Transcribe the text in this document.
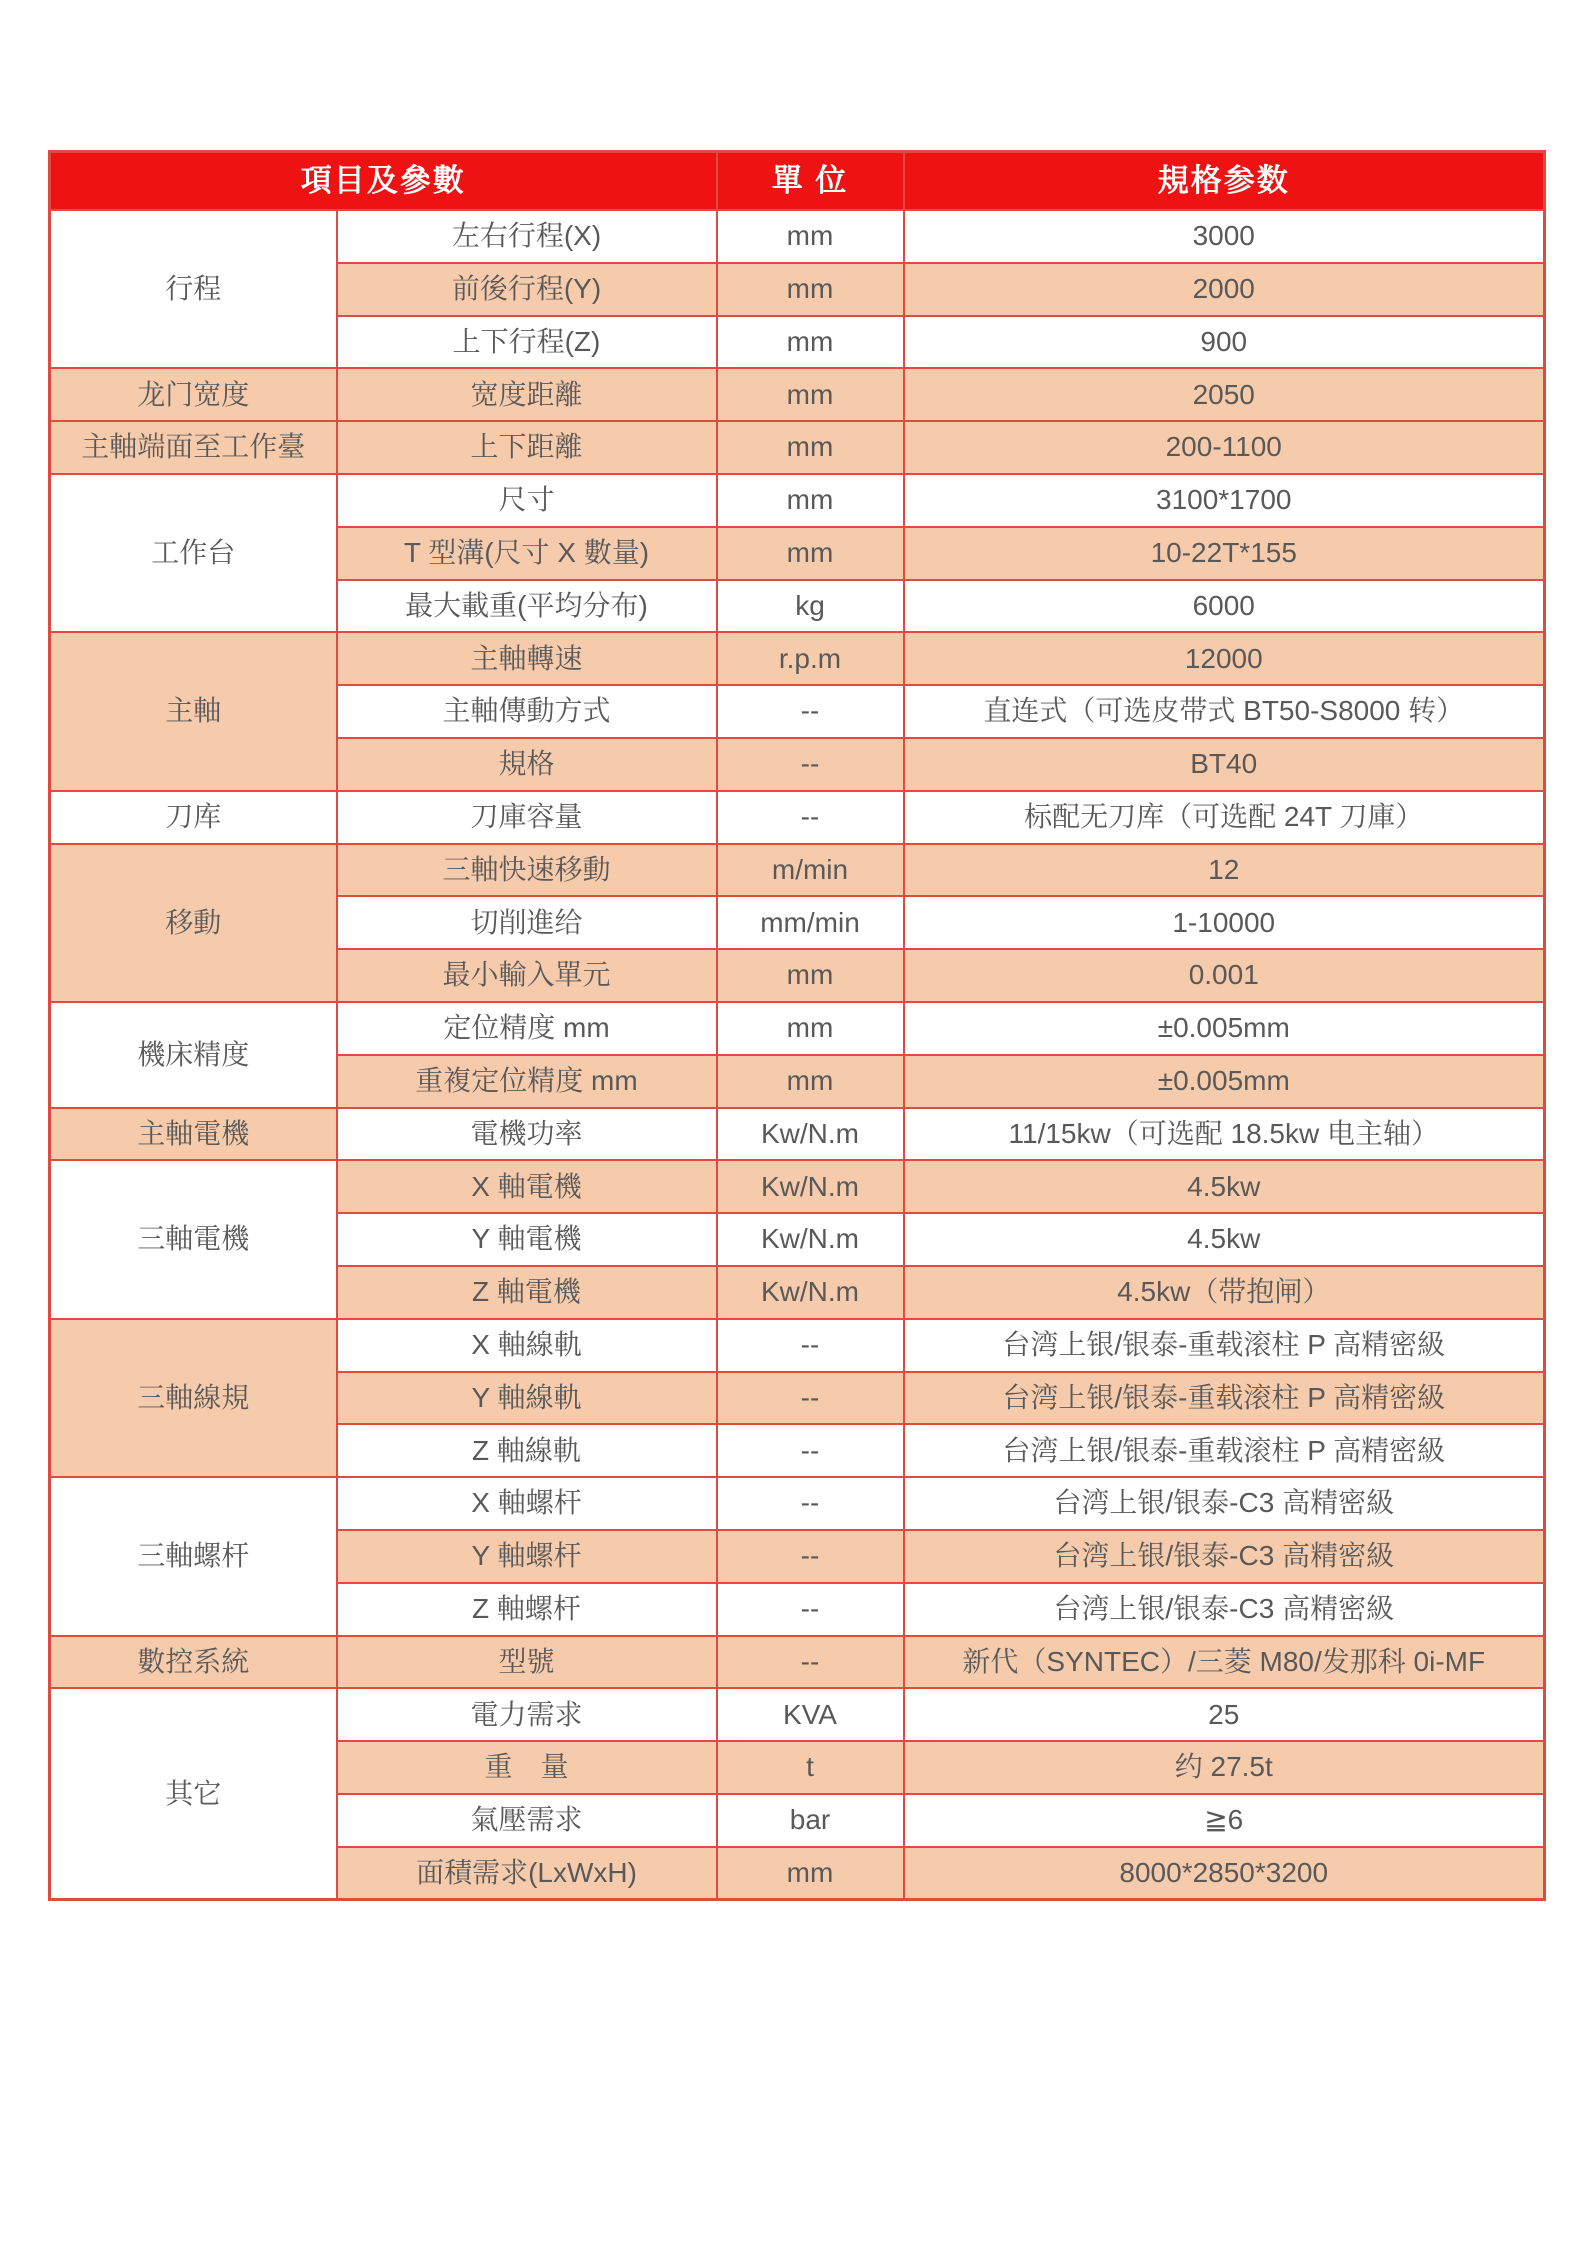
項目及參數		單 位	規格参数
行程	左右行程(X)	mm	3000
	前後行程(Y)	mm	2000
	上下行程(Z)	mm	900
龙门宽度	宽度距離	mm	2050
主軸端面至工作臺	上下距離	mm	200-1100
工作台	尺寸	mm	3100*1700
	T 型溝(尺寸 X 數量)	mm	10-22T*155
	最大載重(平均分布)	kg	6000
主軸	主軸轉速	r.p.m	12000
	主軸傳動方式	--	直连式（可选皮带式 BT50-S8000 转）
	規格	--	BT40
刀库	刀庫容量	--	标配无刀库（可选配 24T 刀庫）
移動	三軸快速移動	m/min	12
	切削進给	mm/min	1-10000
	最小輸入單元	mm	0.001
機床精度	定位精度 mm	mm	±0.005mm
	重複定位精度 mm	mm	±0.005mm
主軸電機	電機功率	Kw/N.m	11/15kw（可选配 18.5kw 电主轴）
三軸電機	X 軸電機	Kw/N.m	4.5kw
	Y 軸電機	Kw/N.m	4.5kw
	Z 軸電機	Kw/N.m	4.5kw（带抱闸）
三軸線規	X 軸線軌	--	台湾上银/银泰-重载滚柱 P 高精密級
	Y 軸線軌	--	台湾上银/银泰-重载滚柱 P 高精密級
	Z 軸線軌	--	台湾上银/银泰-重载滚柱 P 高精密級
三軸螺杆	X 軸螺杆	--	台湾上银/银泰-C3 高精密級
	Y 軸螺杆	--	台湾上银/银泰-C3 高精密級
	Z 軸螺杆	--	台湾上银/银泰-C3 高精密級
數控系統	型號	--	新代（SYNTEC）/三菱 M80/发那科 0i-MF
其它	電力需求	KVA	25
	重　量	t	约 27.5t
	氣壓需求	bar	≧6
	面積需求(LxWxH)	mm	8000*2850*3200
